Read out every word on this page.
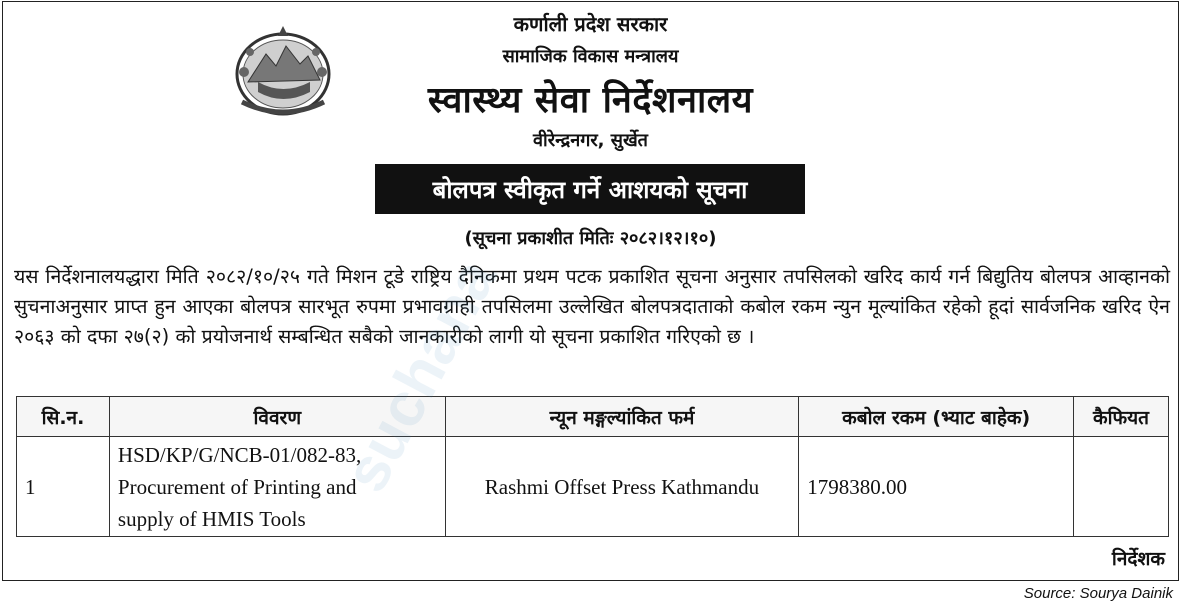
कर्णाली प्रदेश सरकार
सामाजिक विकास मन्त्रालय
स्वास्थ्य सेवा निर्देशनालय
वीरेन्द्रनगर, सुर्खेत
बोलपत्र स्वीकृत गर्ने आशयको सूचना
(सूचना प्रकाशीत मितिः २०८२।१२।१०)

यस निर्देशनालयद्धारा मिति २०८२/१०/२५ गते मिशन टूडे राष्ट्रिय दैनिकमा प्रथम पटक प्रकाशित सूचना अनुसार तपसिलको खरिद कार्य गर्न बिद्युतिय बोलपत्र आव्हानको सुचनाअनुसार प्राप्त हुन आएका बोलपत्र सारभूत रुपमा प्रभावग्राही तपसिलमा उल्लेखित बोलपत्रदाताको कबोल रकम न्युन मूल्यांकित रहेको हूदां सार्वजनिक खरिद ऐन २०६३ को दफा २७(२) को प्रयोजनार्थ सम्बन्धित सबैको जानकारीको लागी यो सूचना प्रकाशित गरिएको छ ।

सि.न.	विवरण	न्यून मङ्गल्यांकित फर्म	कबोल रकम (भ्याट बाहेक)	कैफियत
1	HSD/KP/G/NCB-01/082-83,
Procurement of Printing and
supply of HMIS Tools	Rashmi Offset Press Kathmandu	1798380.00	
निर्देशक
Source: Sourya Dainik
suchana
